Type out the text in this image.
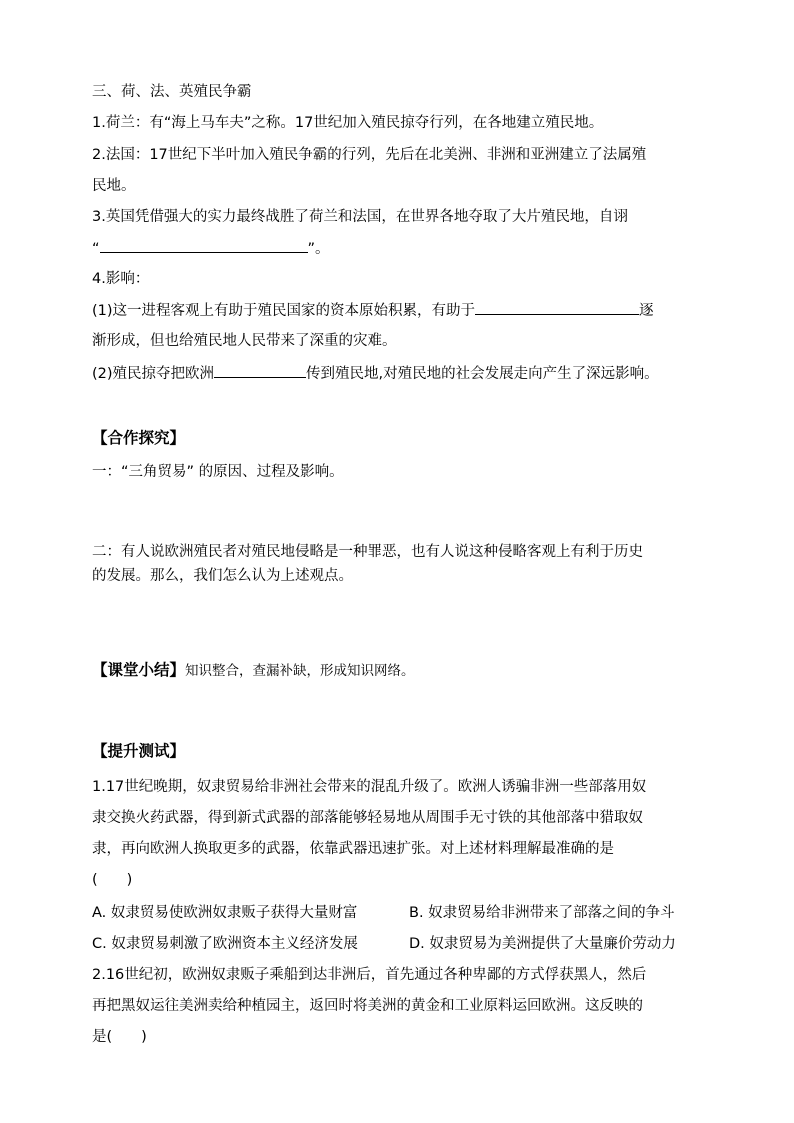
三、荷、法、英殖民争霸
1.荷兰：有“海上马车夫”之称。17世纪加入殖民掠夺行列，在各地建立殖民地。
2.法国：17世纪下半叶加入殖民争霸的行列，先后在北美洲、非洲和亚洲建立了法属殖
民地。
3.英国凭借强大的实力最终战胜了荷兰和法国，在世界各地夺取了大片殖民地，自诩
“	”。
4.影响：
(1)这一进程客观上有助于殖民国家的资本原始积累，有助于	逐
渐形成，但也给殖民地人民带来了深重的灾难。
(2)殖民掠夺把欧洲	传到殖民地,对殖民地的社会发展走向产生了深远影响。
【合作探究】
一：“三角贸易” 的原因、过程及影响。
二：有人说欧洲殖民者对殖民地侵略是一种罪恶，也有人说这种侵略客观上有利于历史
的发展。那么，我们怎么认为上述观点。
【课堂小结】知识整合，查漏补缺，形成知识网络。
【提升测试】
1.17世纪晚期，奴隶贸易给非洲社会带来的混乱升级了。欧洲人诱骗非洲一些部落用奴
隶交换火药武器，得到新式武器的部落能够轻易地从周围手无寸铁的其他部落中猎取奴
隶，再向欧洲人换取更多的武器，依靠武器迅速扩张。对上述材料理解最准确的是
(　　)
A. 奴隶贸易使欧洲奴隶贩子获得大量财富	B. 奴隶贸易给非洲带来了部落之间的争斗
C. 奴隶贸易刺激了欧洲资本主义经济发展	D. 奴隶贸易为美洲提供了大量廉价劳动力
2.16世纪初，欧洲奴隶贩子乘船到达非洲后，首先通过各种卑鄙的方式俘获黑人，然后
再把黑奴运往美洲卖给种植园主，返回时将美洲的黄金和工业原料运回欧洲。这反映的
是(　　)
